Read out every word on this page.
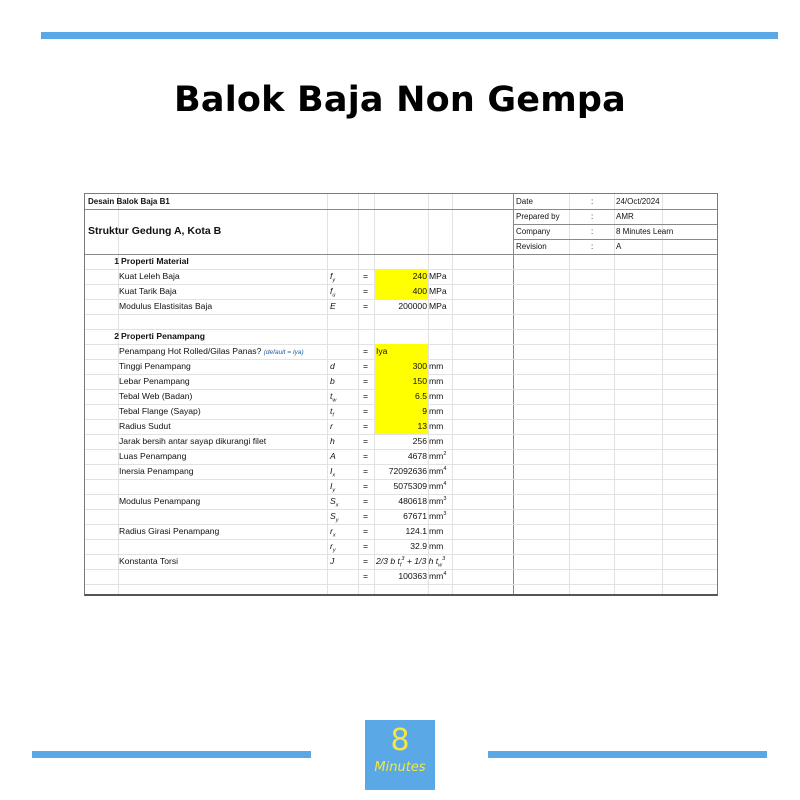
Balok Baja Non Gempa
Desain Balok Baja B1
Struktur Gedung A, Kota B
Date	:	24/Oct/2024
Prepared by	:	AMR
Company	:	8 Minutes Learn
Revision	:	A
1 Properti Material
Kuat Leleh Baja	$f_y$	=	240 MPa
Kuat Tarik Baja	$f_u$	=	400 MPa
Modulus Elastisitas Baja	E	=	200000 MPa
2 Properti Penampang
Penampang Hot Rolled/Gilas Panas? (default = Iya)	= Iya
Tinggi Penampang	d	=	300 mm
Lebar Penampang	b	=	150 mm
Tebal Web (Badan)	$t_w$	=	6.5 mm
Tebal Flange (Sayap)	$t_f$	=	9 mm
Radius Sudut	r	=	13 mm
Jarak bersih antar sayap dikurangi filet	h	=	256 mm
Luas Penampang	A	=	4678 $mm^2$
Inersia Penampang	$I_x$	=	72092636 $mm^4$
$I_y$	=	5075309 $mm^4$
Modulus Penampang	$S_x$	=	480618 $mm^3$
$S_y$	=	67671 $mm^3$
Radius Girasi Penampang	$r_x$	=	124.1 mm
$r_y$	=	32.9 mm
Konstanta Torsi	J	= 2/3 b $t_f^3 + 1/3$ h $t_w^3$
=	100363 $mm^4$
8
Minutes
